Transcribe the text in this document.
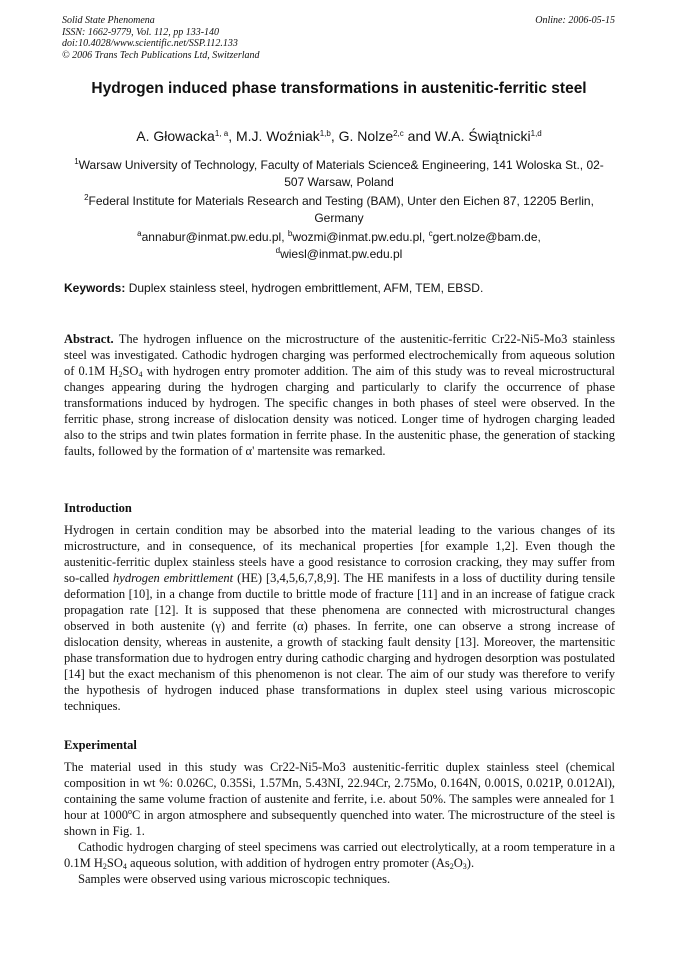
Solid State Phenomena
ISSN: 1662-9779, Vol. 112, pp 133-140
doi:10.4028/www.scientific.net/SSP.112.133
© 2006 Trans Tech Publications Ltd, Switzerland
Online: 2006-05-15
Hydrogen induced phase transformations in austenitic-ferritic steel
A. Głowacka$^{1, a}$, M.J. Woźniak$^{1,b}$, G. Nolze$^{2,c}$ and W.A. Świątnicki$^{1,d}$
$^1$Warsaw University of Technology, Faculty of Materials Science& Engineering, 141 Woloska St., 02-507 Warsaw, Poland
$^2$Federal Institute for Materials Research and Testing (BAM), Unter den Eichen 87, 12205 Berlin, Germany
$^a$annabur@inmat.pw.edu.pl, $^b$wozmi@inmat.pw.edu.pl, $^c$gert.nolze@bam.de,
$^d$wiesl@inmat.pw.edu.pl
Keywords: Duplex stainless steel, hydrogen embrittlement, AFM, TEM, EBSD.

Abstract. The hydrogen influence on the microstructure of the austenitic-ferritic Cr22-Ni5-Mo3 stainless steel was investigated. Cathodic hydrogen charging was performed electrochemically from aqueous solution of 0.1M $H_2SO_4$ with hydrogen entry promoter addition. The aim of this study was to reveal microstructural changes appearing during the hydrogen charging and particularly to clarify the occurrence of phase transformations induced by hydrogen. The specific changes in both phases of steel were observed. In the ferritic phase, strong increase of dislocation density was noticed. Longer time of hydrogen charging leaded also to the strips and twin plates formation in ferrite phase. In the austenitic phase, the generation of stacking faults, followed by the formation of α' martensite was remarked.

Introduction

Hydrogen in certain condition may be absorbed into the material leading to the various changes of its microstructure, and in consequence, of its mechanical properties [for example 1,2]. Even though the austenitic-ferritic duplex stainless steels have a good resistance to corrosion cracking, they may suffer from so-called hydrogen embrittlement (HE) [3,4,5,6,7,8,9]. The HE manifests in a loss of ductility during tensile deformation [10], in a change from ductile to brittle mode of fracture [11] and in an increase of fatigue crack propagation rate [12]. It is supposed that these phenomena are connected with microstructural changes observed in both austenite (γ) and ferrite (α) phases. In ferrite, one can observe a strong increase of dislocation density, whereas in austenite, a growth of stacking fault density [13]. Moreover, the martensitic phase transformation due to hydrogen entry during cathodic charging and hydrogen desorption was postulated [14] but the exact mechanism of this phenomenon is not clear. The aim of our study was therefore to verify the hypothesis of hydrogen induced phase transformations in duplex steel using various microscopic techniques.

Experimental

The material used in this study was Cr22-Ni5-Mo3 austenitic-ferritic duplex stainless steel (chemical composition in wt %: 0.026C, 0.35Si, 1.57Mn, 5.43NI, 22.94Cr, 2.75Mo, 0.164N, 0.001S, 0.021P, 0.012Al), containing the same volume fraction of austenite and ferrite, i.e. about 50%. The samples were annealed for 1 hour at 1000$^o$C in argon atmosphere and subsequently quenched into water. The microstructure of the steel is shown in Fig. 1.

Cathodic hydrogen charging of steel specimens was carried out electrolytically, at a room temperature in a 0.1M $H_2SO_4$ aqueous solution, with addition of hydrogen entry promoter $(As_2O_3)$.

Samples were observed using various microscopic techniques.
